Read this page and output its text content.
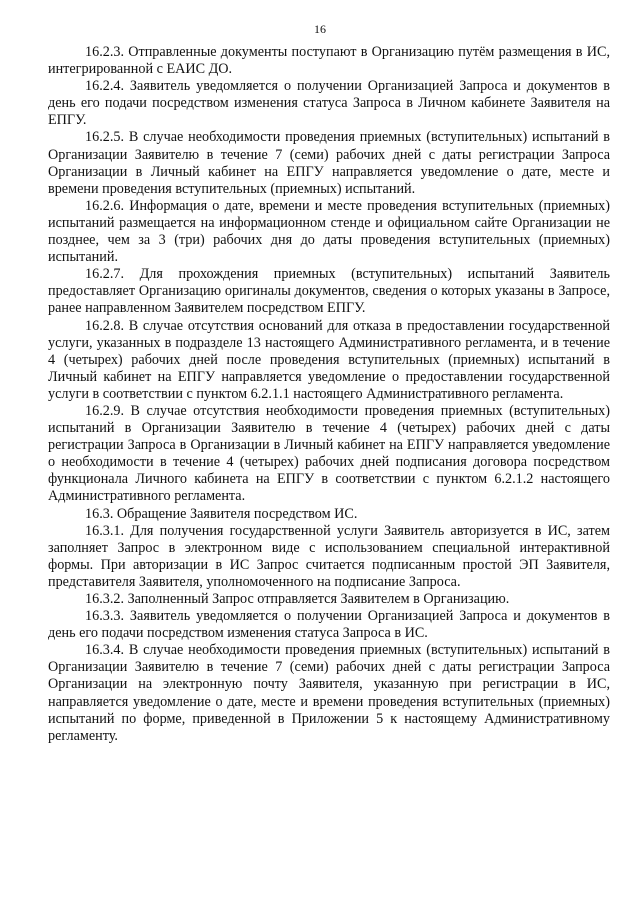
16

16.2.3. Отправленные документы поступают в Организацию путём размещения в ИС, интегрированной с ЕАИС ДО.

16.2.4. Заявитель уведомляется о получении Организацией Запроса и документов в день его подачи посредством изменения статуса Запроса в Личном кабинете Заявителя на ЕПГУ.

16.2.5. В случае необходимости проведения приемных (вступительных) испытаний в Организации Заявителю в течение 7 (семи) рабочих дней с даты регистрации Запроса Организации в Личный кабинет на ЕПГУ направляется уведомление о дате, месте и времени проведения вступительных (приемных) испытаний.

16.2.6. Информация о дате, времени и месте проведения вступительных (приемных) испытаний размещается на информационном стенде и официальном сайте Организации не позднее, чем за 3 (три) рабочих дня до даты проведения вступительных (приемных) испытаний.

16.2.7. Для прохождения приемных (вступительных) испытаний Заявитель предоставляет Организацию оригиналы документов, сведения о которых указаны в Запросе, ранее направленном Заявителем посредством ЕПГУ.

16.2.8. В случае отсутствия оснований для отказа в предоставлении государственной услуги, указанных в подразделе 13 настоящего Административного регламента, и в течение 4 (четырех) рабочих дней после проведения вступительных (приемных) испытаний в Личный кабинет на ЕПГУ направляется уведомление о предоставлении государственной услуги в соответствии с пунктом 6.2.1.1 настоящего Административного регламента.

16.2.9. В случае отсутствия необходимости проведения приемных (вступительных) испытаний в Организации Заявителю в течение 4 (четырех) рабочих дней с даты регистрации Запроса в Организации в Личный кабинет на ЕПГУ направляется уведомление о необходимости в течение 4 (четырех) рабочих дней подписания договора посредством функционала Личного кабинета на ЕПГУ в соответствии с пунктом 6.2.1.2 настоящего Административного регламента.

16.3. Обращение Заявителя посредством ИС.

16.3.1. Для получения государственной услуги Заявитель авторизуется в ИС, затем заполняет Запрос в электронном виде с использованием специальной интерактивной формы. При авторизации в ИС Запрос считается подписанным простой ЭП Заявителя, представителя Заявителя, уполномоченного на подписание Запроса.

16.3.2. Заполненный Запрос отправляется Заявителем в Организацию.

16.3.3. Заявитель уведомляется о получении Организацией Запроса и документов в день его подачи посредством изменения статуса Запроса в ИС.

16.3.4. В случае необходимости проведения приемных (вступительных) испытаний в Организации Заявителю в течение 7 (семи) рабочих дней с даты регистрации Запроса Организации на электронную почту Заявителя, указанную при регистрации в ИС, направляется уведомление о дате, месте и времени проведения вступительных (приемных) испытаний по форме, приведенной в Приложении 5 к настоящему Административному регламенту.
